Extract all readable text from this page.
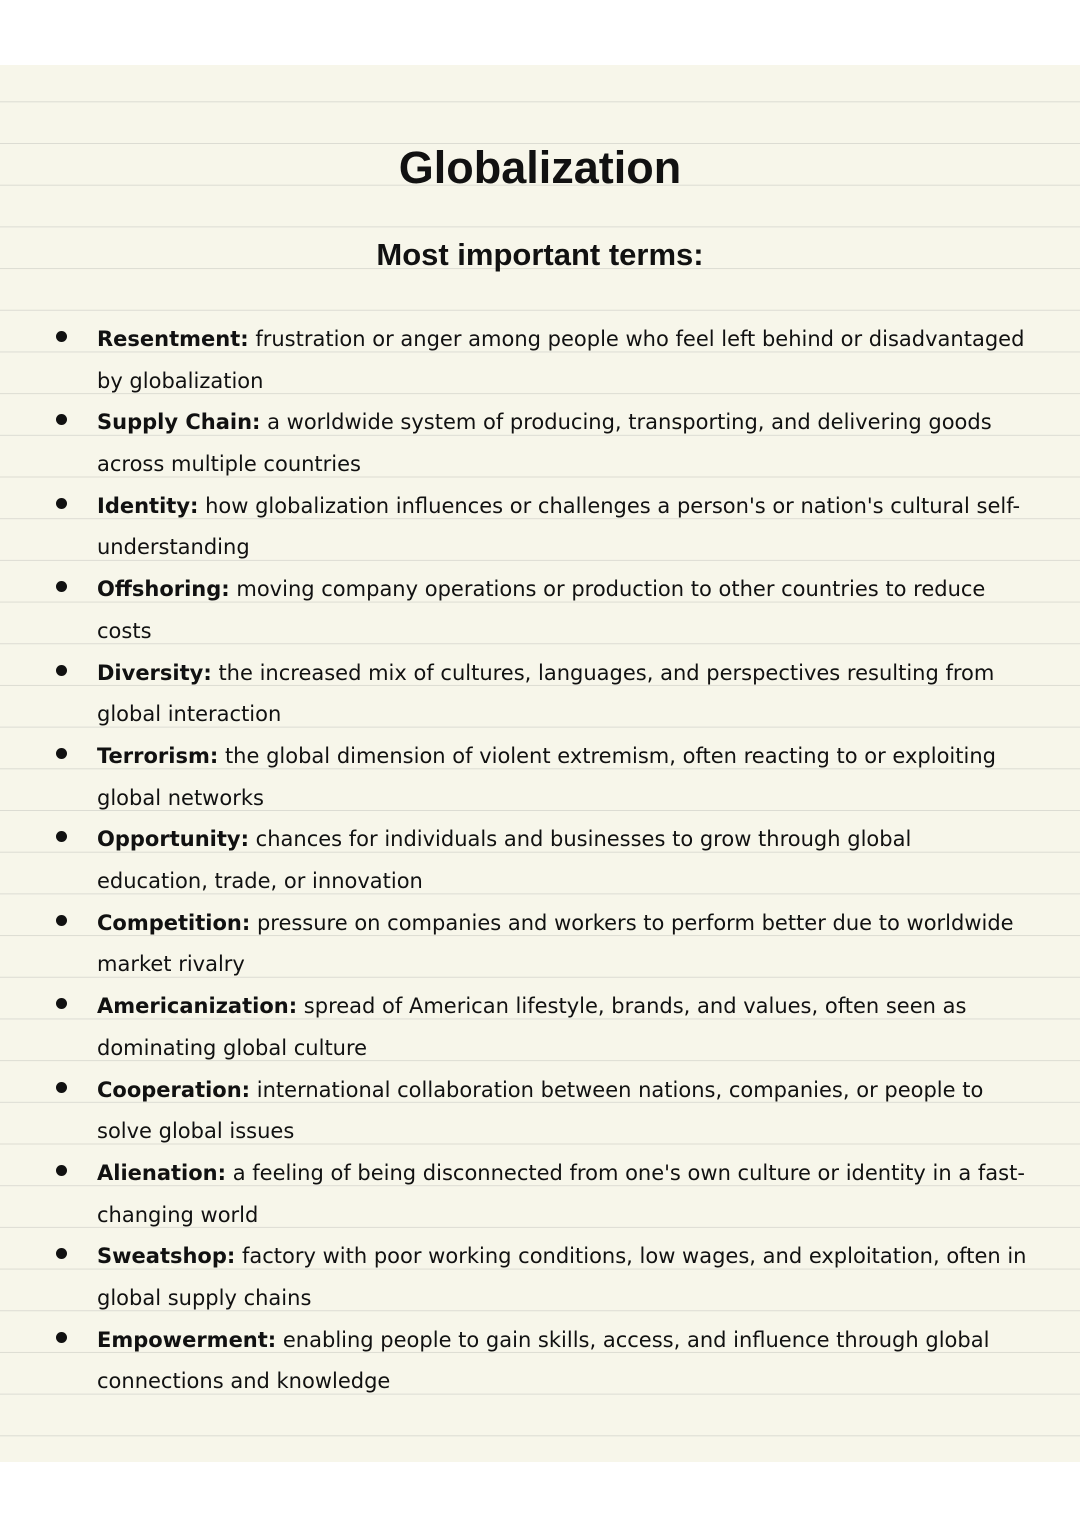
Globalization
Most important terms:
Resentment: frustration or anger among people who feel left behind or disadvantaged by globalization
Supply Chain: a worldwide system of producing, transporting, and delivering goods across multiple countries
Identity: how globalization influences or challenges a person's or nation's cultural self-understanding
Offshoring: moving company operations or production to other countries to reduce costs
Diversity: the increased mix of cultures, languages, and perspectives resulting from global interaction
Terrorism: the global dimension of violent extremism, often reacting to or exploiting global networks
Opportunity: chances for individuals and businesses to grow through global education, trade, or innovation
Competition: pressure on companies and workers to perform better due to worldwide market rivalry
Americanization: spread of American lifestyle, brands, and values, often seen as dominating global culture
Cooperation: international collaboration between nations, companies, or people to solve global issues
Alienation: a feeling of being disconnected from one's own culture or identity in a fast-changing world
Sweatshop: factory with poor working conditions, low wages, and exploitation, often in global supply chains
Empowerment: enabling people to gain skills, access, and influence through global connections and knowledge
